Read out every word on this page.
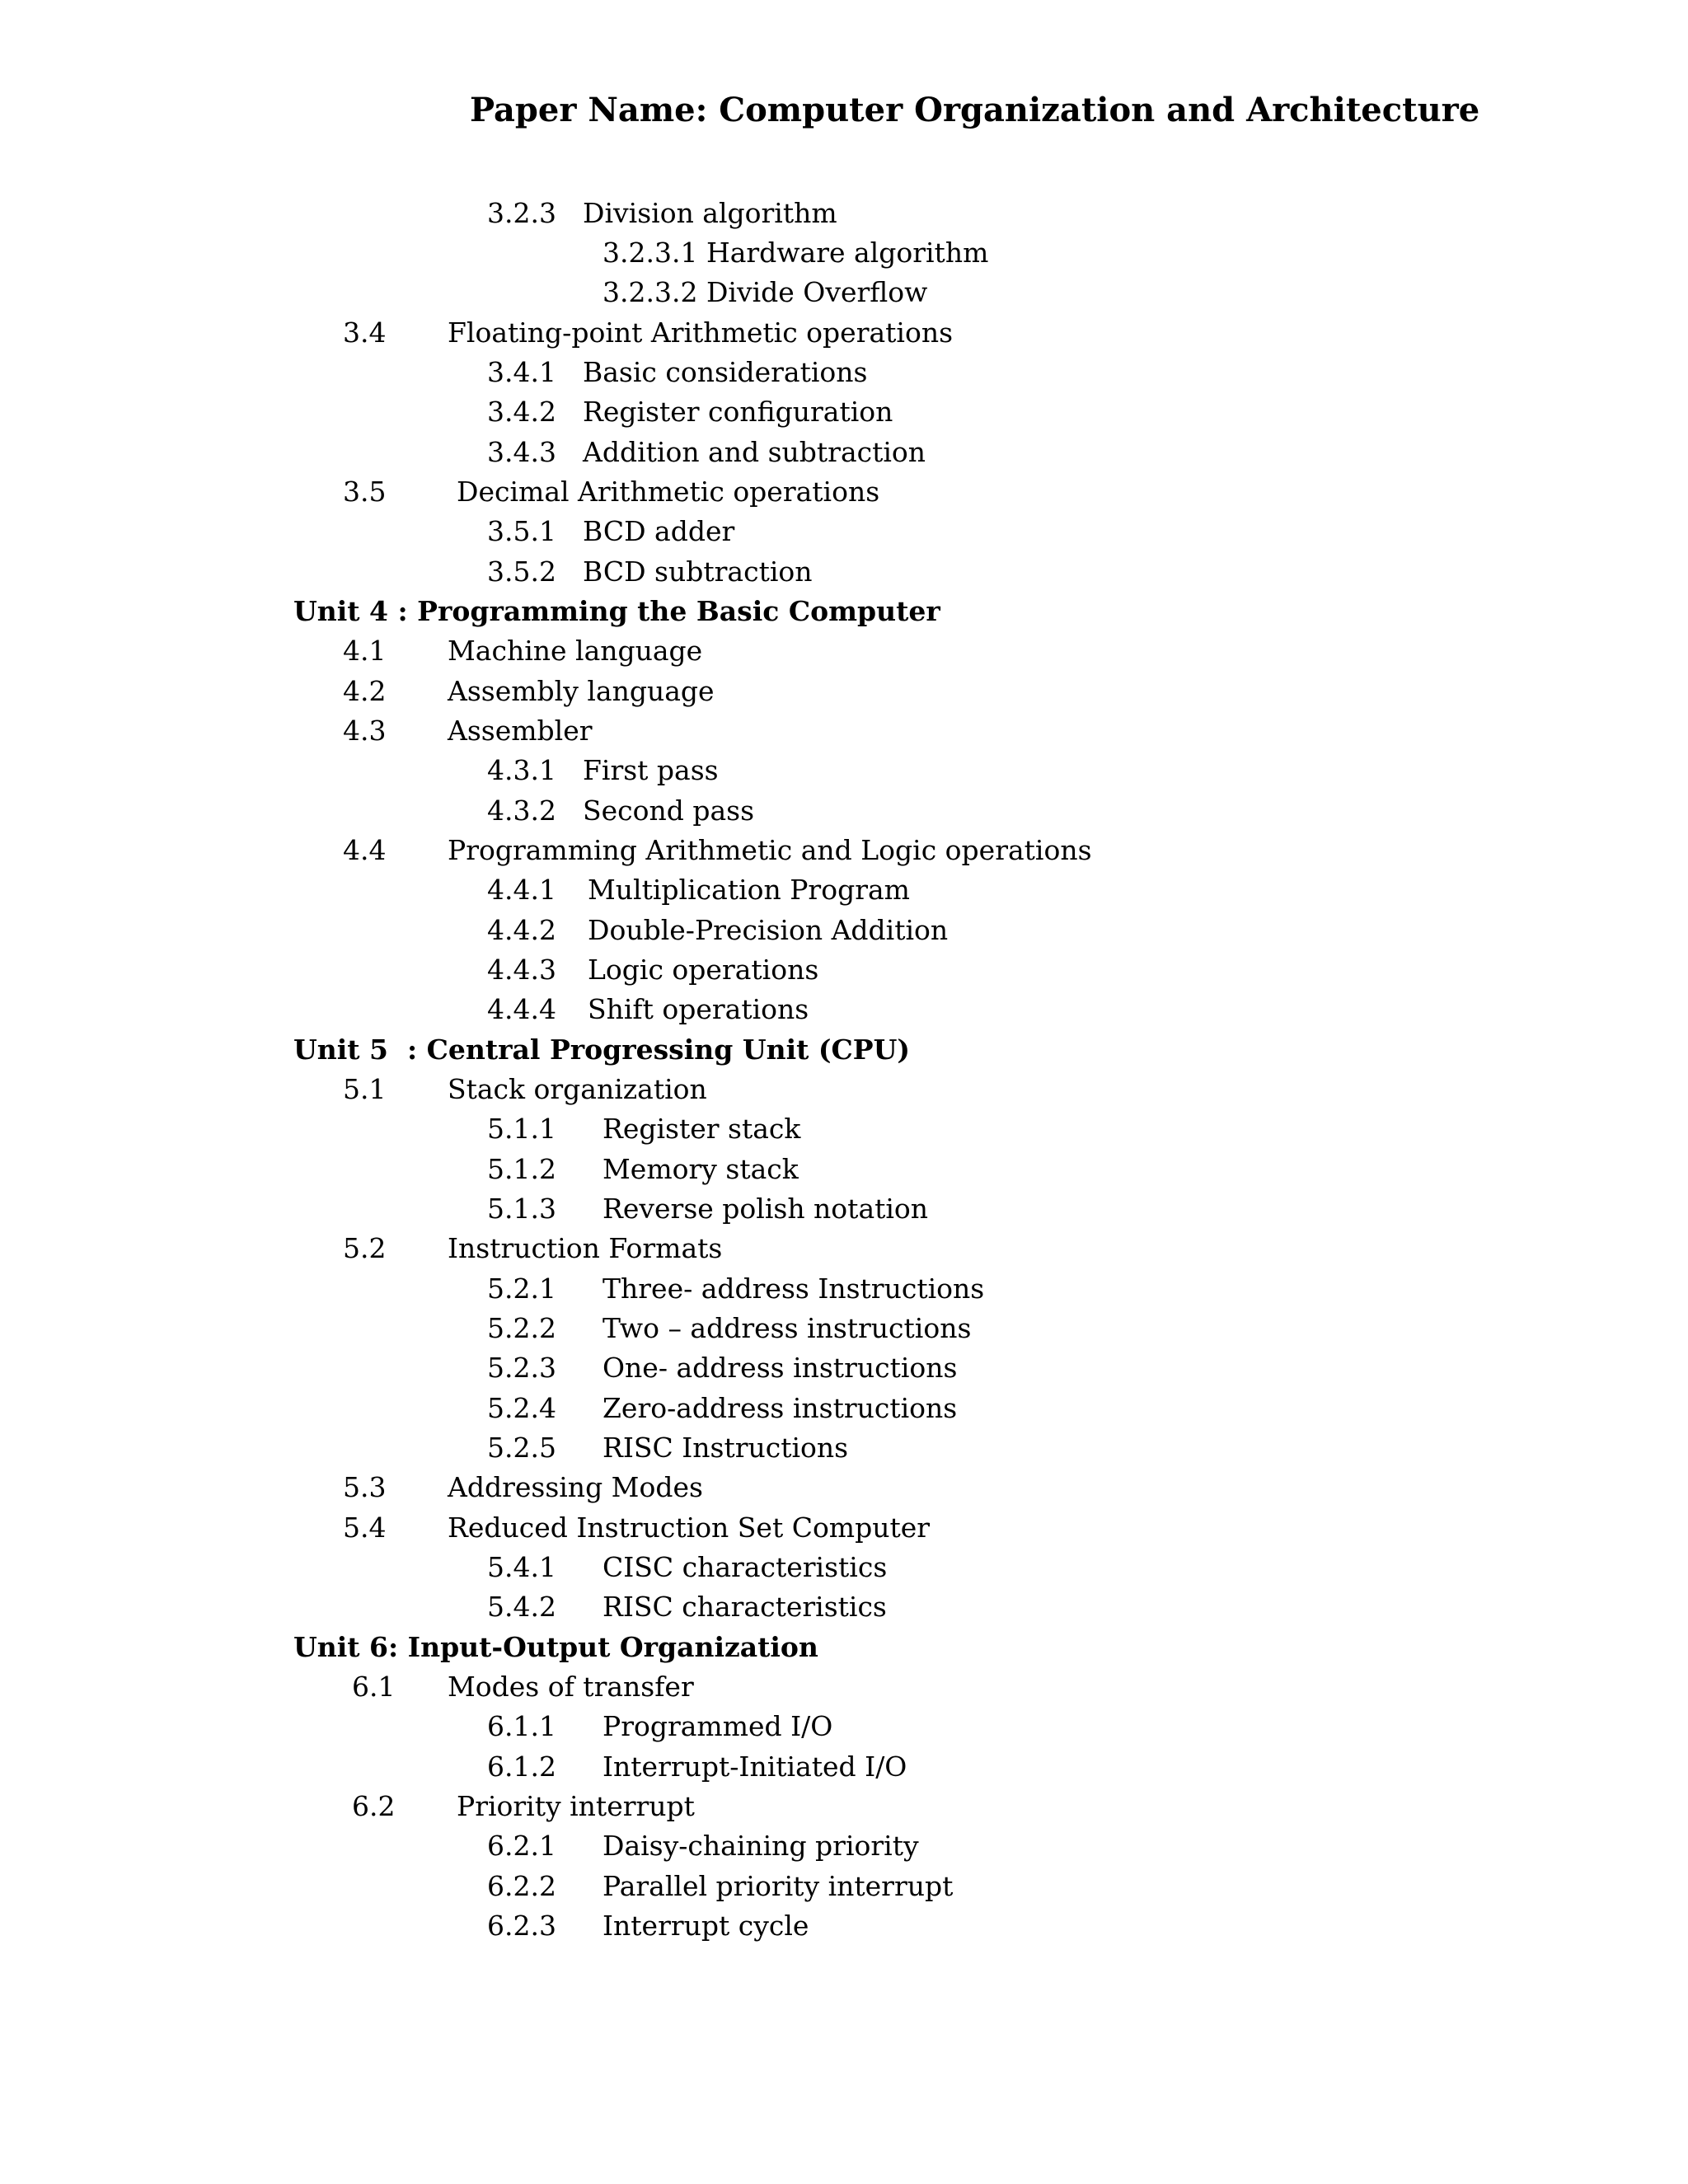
Paper Name: Computer Organization and Architecture
3.2.3 Division algorithm
3.2.3.1 Hardware algorithm
3.2.3.2 Divide Overflow
3.4 Floating-point Arithmetic operations
3.4.1 Basic considerations
3.4.2 Register configuration
3.4.3 Addition and subtraction
3.5	Decimal Arithmetic operations
3.5.1 BCD adder
3.5.2 BCD subtraction
Unit 4 : Programming the Basic Computer
4.1 Machine language
4.2 Assembly language
4.3 Assembler
4.3.1 First pass
4.3.2 Second pass
4.4 Programming Arithmetic and Logic operations
4.4.1 Multiplication Program
4.4.2 Double-Precision Addition
4.4.3 Logic operations
4.4.4 Shift operations
Unit 5  : Central Progressing Unit (CPU)
5.1 Stack organization
5.1.1 Register stack
5.1.2 Memory stack
5.1.3 Reverse polish notation
5.2 Instruction Formats
5.2.1 Three- address Instructions
5.2.2 Two – address instructions
5.2.3 One- address instructions
5.2.4 Zero-address instructions
5.2.5 RISC Instructions
5.3 Addressing Modes
5.4 Reduced Instruction Set Computer
5.4.1 CISC characteristics
5.4.2 RISC characteristics
Unit 6: Input-Output Organization
6.1 Modes of transfer
6.1.1 Programmed I/O
6.1.2 Interrupt-Initiated I/O
6.2 Priority interrupt
6.2.1 Daisy-chaining priority
6.2.2 Parallel priority interrupt
6.2.3 Interrupt cycle
